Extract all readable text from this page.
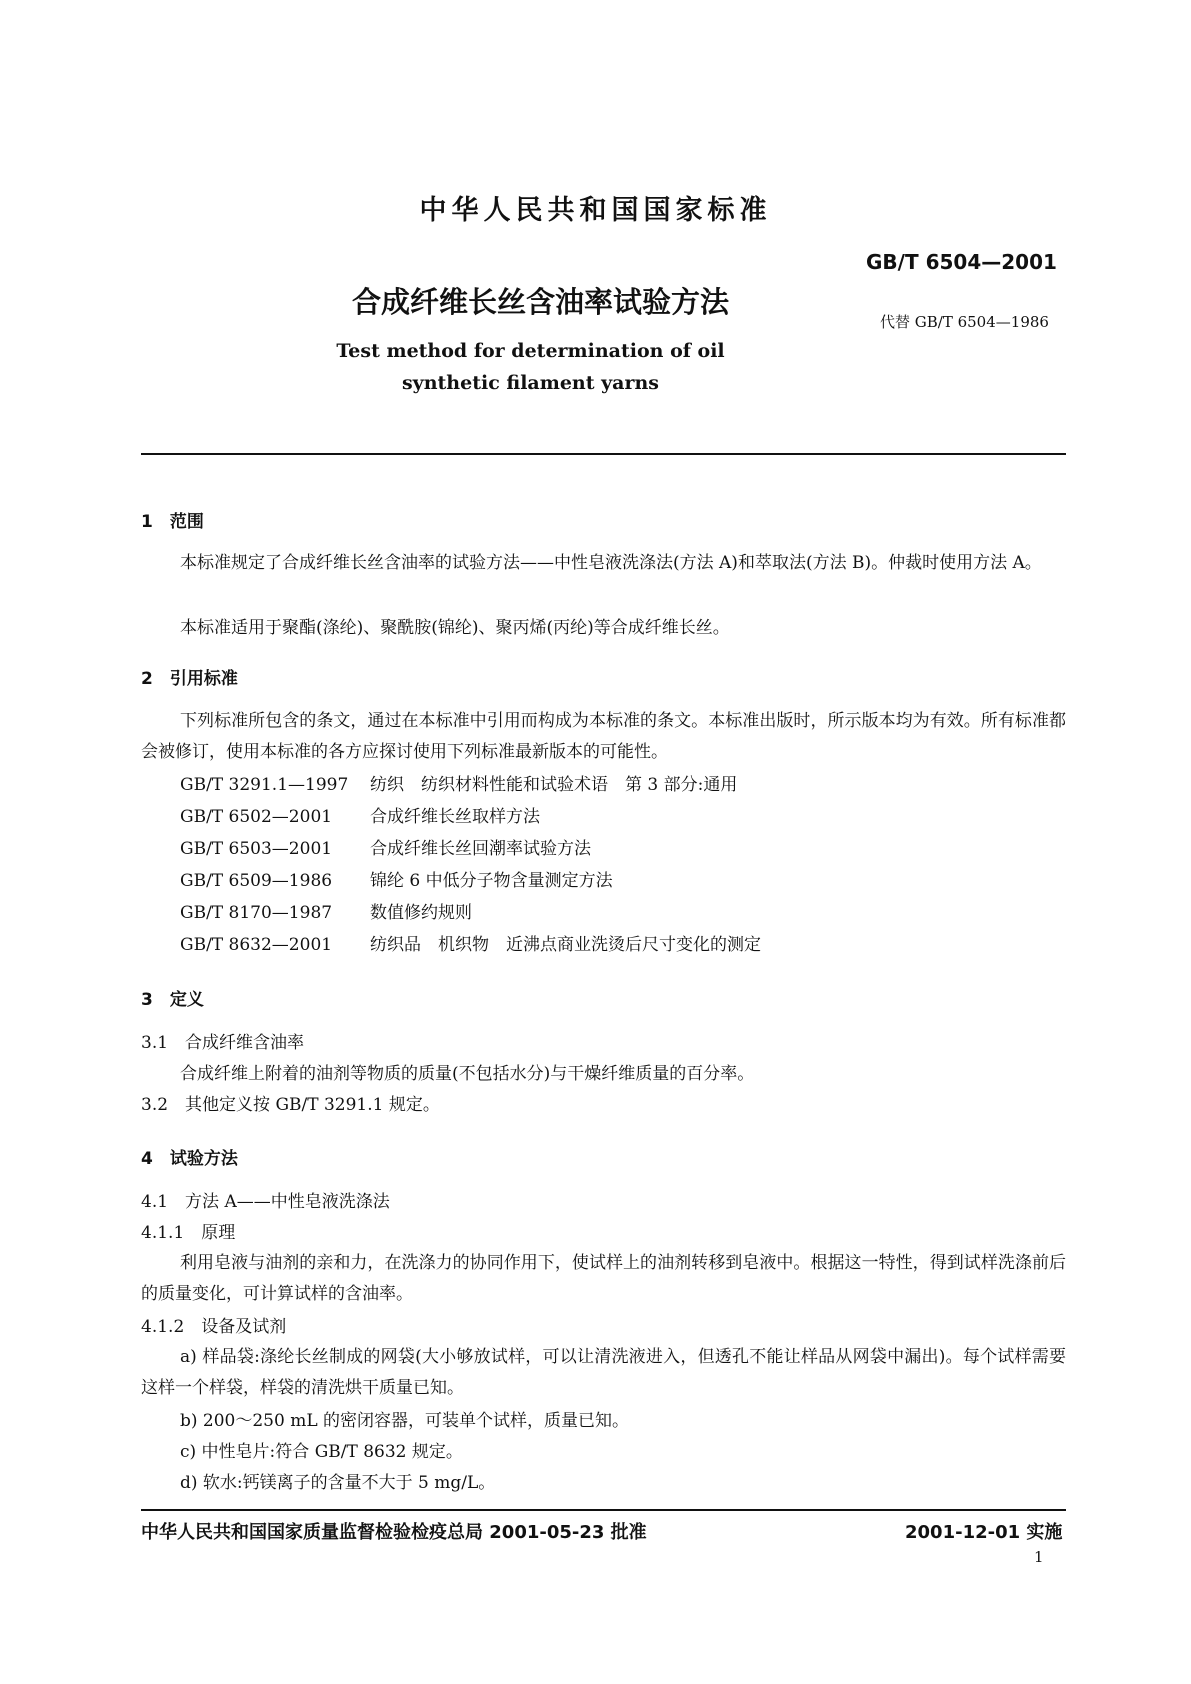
中华人民共和国国家标准
GB/T 6504—2001
合成纤维长丝含油率试验方法
代替 GB/T 6504—1986
Test method for determination of oil
synthetic filament yarns
1　范围
本标准规定了合成纤维长丝含油率的试验方法——中性皂液洗涤法(方法 A)和萃取法(方法 B)。仲裁时使用方法 A。
本标准适用于聚酯(涤纶)、聚酰胺(锦纶)、聚丙烯(丙纶)等合成纤维长丝。
2　引用标准
下列标准所包含的条文，通过在本标准中引用而构成为本标准的条文。本标准出版时，所示版本均为有效。所有标准都会被修订，使用本标准的各方应探讨使用下列标准最新版本的可能性。
GB/T 3291.1—1997 纺织　纺织材料性能和试验术语　第 3 部分:通用
GB/T 6502—2001 合成纤维长丝取样方法
GB/T 6503—2001 合成纤维长丝回潮率试验方法
GB/T 6509—1986 锦纶 6 中低分子物含量测定方法
GB/T 8170—1987 数值修约规则
GB/T 8632—2001 纺织品　机织物　近沸点商业洗烫后尺寸变化的测定
3　定义
3.1　合成纤维含油率
合成纤维上附着的油剂等物质的质量(不包括水分)与干燥纤维质量的百分率。
3.2　其他定义按 GB/T 3291.1 规定。
4　试验方法
4.1　方法 A——中性皂液洗涤法
4.1.1　原理
利用皂液与油剂的亲和力，在洗涤力的协同作用下，使试样上的油剂转移到皂液中。根据这一特性，得到试样洗涤前后的质量变化，可计算试样的含油率。
4.1.2　设备及试剂
a) 样品袋:涤纶长丝制成的网袋(大小够放试样，可以让清洗液进入，但透孔不能让样品从网袋中漏出)。每个试样需要这样一个样袋，样袋的清洗烘干质量已知。
b) 200～250 mL 的密闭容器，可装单个试样，质量已知。
c) 中性皂片:符合 GB/T 8632 规定。
d) 软水:钙镁离子的含量不大于 5 mg/L。
中华人民共和国国家质量监督检验检疫总局 2001-05-23 批准	2001-12-01 实施
1
